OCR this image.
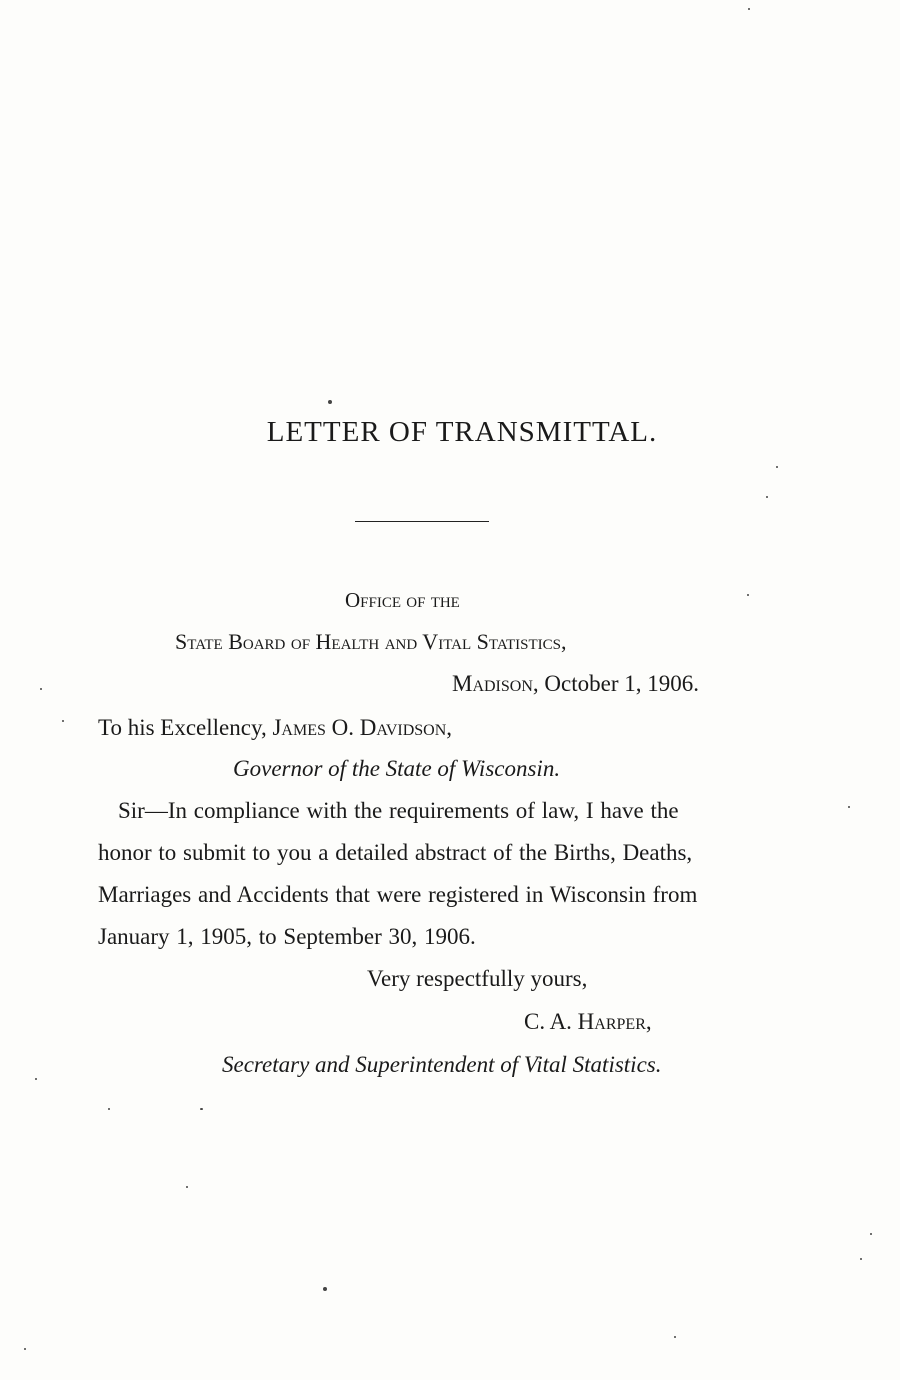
LETTER OF TRANSMITTAL.

Office of the

State Board of Health and Vital Statistics,

Madison, October 1, 1906.

To his Excellency, James O. Davidson,

Governor of the State of Wisconsin.

Sir—In compliance with the requirements of law, I have the

honor to submit to you a detailed abstract of the Births, Deaths,

Marriages and Accidents that were registered in Wisconsin from

January 1, 1905, to September 30, 1906.

Very respectfully yours,

C. A. Harper,

Secretary and Superintendent of Vital Statistics.
